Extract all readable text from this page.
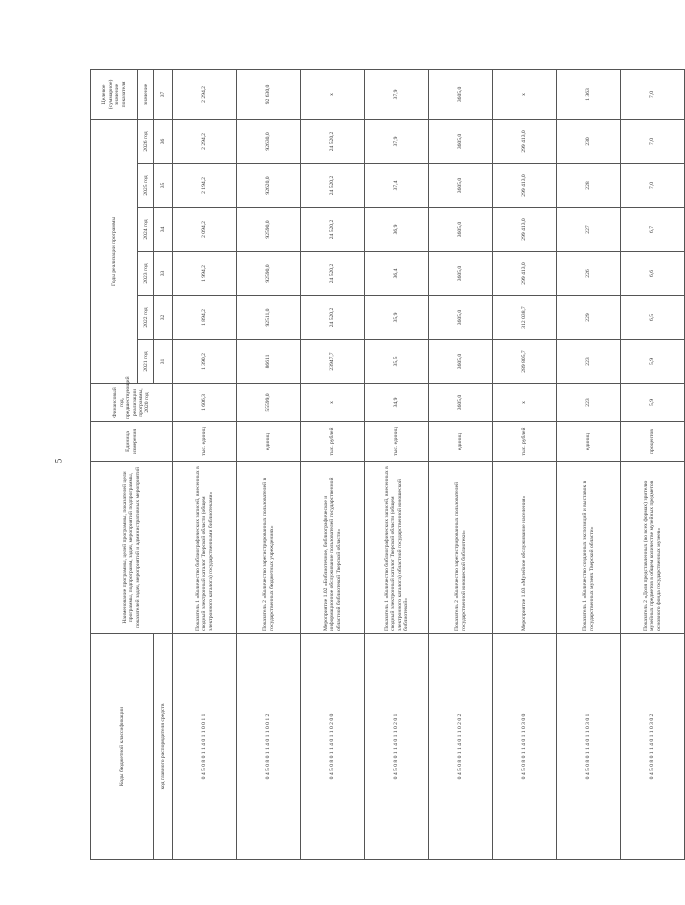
5
Коды бюджетной классификации	Наименование программы, целей программы, показателей цели программы, подпрограмм, задач, мероприятий подпрограммы, показателей задач, мероприятий и административных мероприятий	Единица измерения	Финансовый год, предшествующий реализации программы, 2020 год	Годы реализации программы						Целевое (суммарное) значение показателя
				2021 год	2022 год	2023 год	2024 год	2025 год	2026 год	значение
код главного распорядителя средств				31	32	33	34	35	36	37
0 4 5 0 8 0 1 1 4 0 1 1 0 0 1 1	Показатель 1 «Количество библиографических записей, внесенных в сводный электронный каталог Тверской области (общем электронного каталога) государственными библиотеками»	тыс. единиц	1 606,3	1 390,2	1 894,2	1 994,2	2 094,2	2 194,2	2 294,2	2 294,2
0 4 5 0 8 0 1 1 4 0 1 1 0 0 1 2	Показатель 2 «Количество зарегистрированных пользователей в государственных бюджетных учреждениях»	единиц	55599,0	86611	92511,0	92590,0	92590,0	92620,0	92630,0	92 630,0
0 4 5 0 8 0 1 1 4 0 1 1 0 2 0 0	Мероприятие 1.02 «Библиотечное, библиографическое и информационное обслуживание пользователей государственной областной библиотекой Тверской области»	тыс. рублей	x	23947,7	24 520,2	24 520,2	24 520,2	24 520,2	24 520,2	x
0 4 5 0 8 0 1 1 4 0 1 1 0 2 0 1	Показатель 1 «Количество библиографических записей, внесенных в сводный электронный каталог Тверской области (общем электронного каталога) областной государственной юношеской библиотекой»	тыс. единиц	34,9	35,5	35,9	36,4	36,9	37,4	37,9	37,9
0 4 5 0 8 0 1 1 4 0 1 1 0 2 0 2	Показатель 2 «Количество зарегистрированных пользователей государственной юношеской библиотеки»	единиц	3605,0	3605,0	3605,0	3605,0	3605,0	3605,0	3605,0	3605,0
0 4 5 0 8 0 1 1 4 0 1 1 0 3 0 0	Мероприятие 1.03 «Музейное обслуживание населения»	тыс. рублей	x	289 805,7	312 038,7	299 413,0	299 413,0	299 413,0	299 413,0	x
0 4 5 0 8 0 1 1 4 0 1 1 0 3 0 1	Показатель 1 «Количество созданных экспозиций и выставок в государственных музеях Тверской области»	единиц	223	223	229	226	227	228	230	1 363
0 4 5 0 8 0 1 1 4 0 1 1 0 3 0 2	Показатель 2 «Доля представленных (во всех формах) зрителю музейных предметов в общем количестве музейных предметов основного фонда государственных музеев»	процентов	5,9	5,9	6,5	6,6	6,7	7,0	7,0	7,0
